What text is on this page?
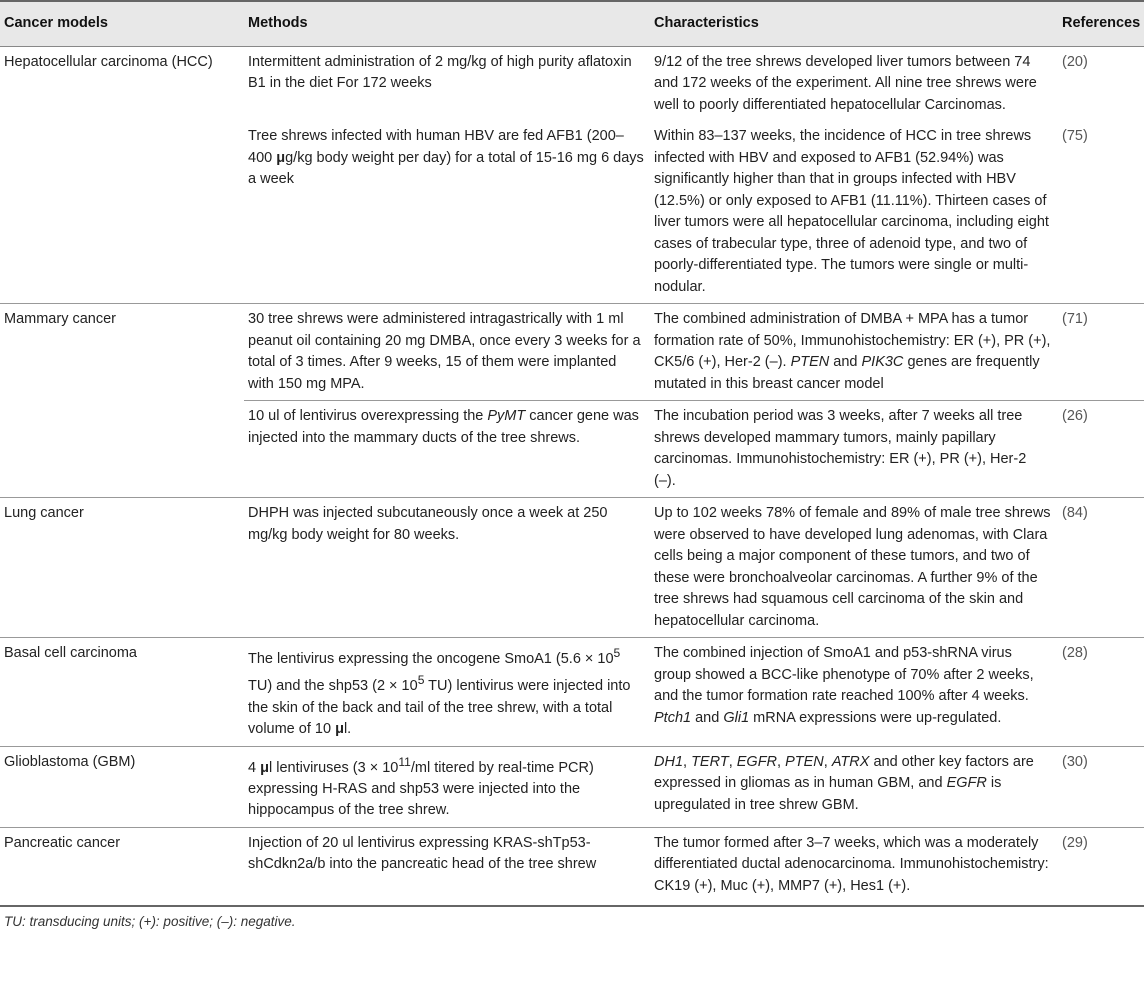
Cancer models	Methods	Characteristics	References
Hepatocellular carcinoma (HCC)	Intermittent administration of 2 mg/kg of high purity aflatoxin B1 in the diet For 172 weeks	9/12 of the tree shrews developed liver tumors between 74 and 172 weeks of the experiment. All nine tree shrews were well to poorly differentiated hepatocellular Carcinomas.	(20)
	Tree shrews infected with human HBV are fed AFB1 (200–400 μg/kg body weight per day) for a total of 15-16 mg 6 days a week	Within 83–137 weeks, the incidence of HCC in tree shrews infected with HBV and exposed to AFB1 (52.94%) was significantly higher than that in groups infected with HBV (12.5%) or only exposed to AFB1 (11.11%). Thirteen cases of liver tumors were all hepatocellular carcinoma, including eight cases of trabecular type, three of adenoid type, and two of poorly-differentiated type. The tumors were single or multi-nodular.	(75)
Mammary cancer	30 tree shrews were administered intragastrically with 1 ml peanut oil containing 20 mg DMBA, once every 3 weeks for a total of 3 times. After 9 weeks, 15 of them were implanted with 150 mg MPA.	The combined administration of DMBA + MPA has a tumor formation rate of 50%, Immunohistochemistry: ER (+), PR (+), CK5/6 (+), Her-2 (–). PTEN and PIK3C genes are frequently mutated in this breast cancer model	(71)
	10 ul of lentivirus overexpressing the PyMT cancer gene was injected into the mammary ducts of the tree shrews.	The incubation period was 3 weeks, after 7 weeks all tree shrews developed mammary tumors, mainly papillary carcinomas. Immunohistochemistry: ER (+), PR (+), Her-2 (–).	(26)
Lung cancer	DHPH was injected subcutaneously once a week at 250 mg/kg body weight for 80 weeks.	Up to 102 weeks 78% of female and 89% of male tree shrews were observed to have developed lung adenomas, with Clara cells being a major component of these tumors, and two of these were bronchoalveolar carcinomas. A further 9% of the tree shrews had squamous cell carcinoma of the skin and hepatocellular carcinoma.	(84)
Basal cell carcinoma	The lentivirus expressing the oncogene SmoA1 ($5.6 \times 10^5$ TU) and the shp53 ($2 \times 10^5$ TU) lentivirus were injected into the skin of the back and tail of the tree shrew, with a total volume of 10 μl.	The combined injection of SmoA1 and p53-shRNA virus group showed a BCC-like phenotype of 70% after 2 weeks, and the tumor formation rate reached 100% after 4 weeks. Ptch1 and Gli1 mRNA expressions were up-regulated.	(28)
Glioblastoma (GBM)	4 μl lentiviruses ($3 \times 10^{11}/ml$ titered by real-time PCR) expressing H-RAS and shp53 were injected into the hippocampus of the tree shrew.	DH1, TERT, EGFR, PTEN, ATRX and other key factors are expressed in gliomas as in human GBM, and EGFR is upregulated in tree shrew GBM.	(30)
Pancreatic cancer	Injection of 20 ul lentivirus expressing KRAS-shTp53-shCdkn2a/b into the pancreatic head of the tree shrew	The tumor formed after 3–7 weeks, which was a moderately differentiated ductal adenocarcinoma. Immunohistochemistry: CK19 (+), Muc (+), MMP7 (+), Hes1 (+).	(29)
TU: transducing units; (+): positive; (–): negative.
